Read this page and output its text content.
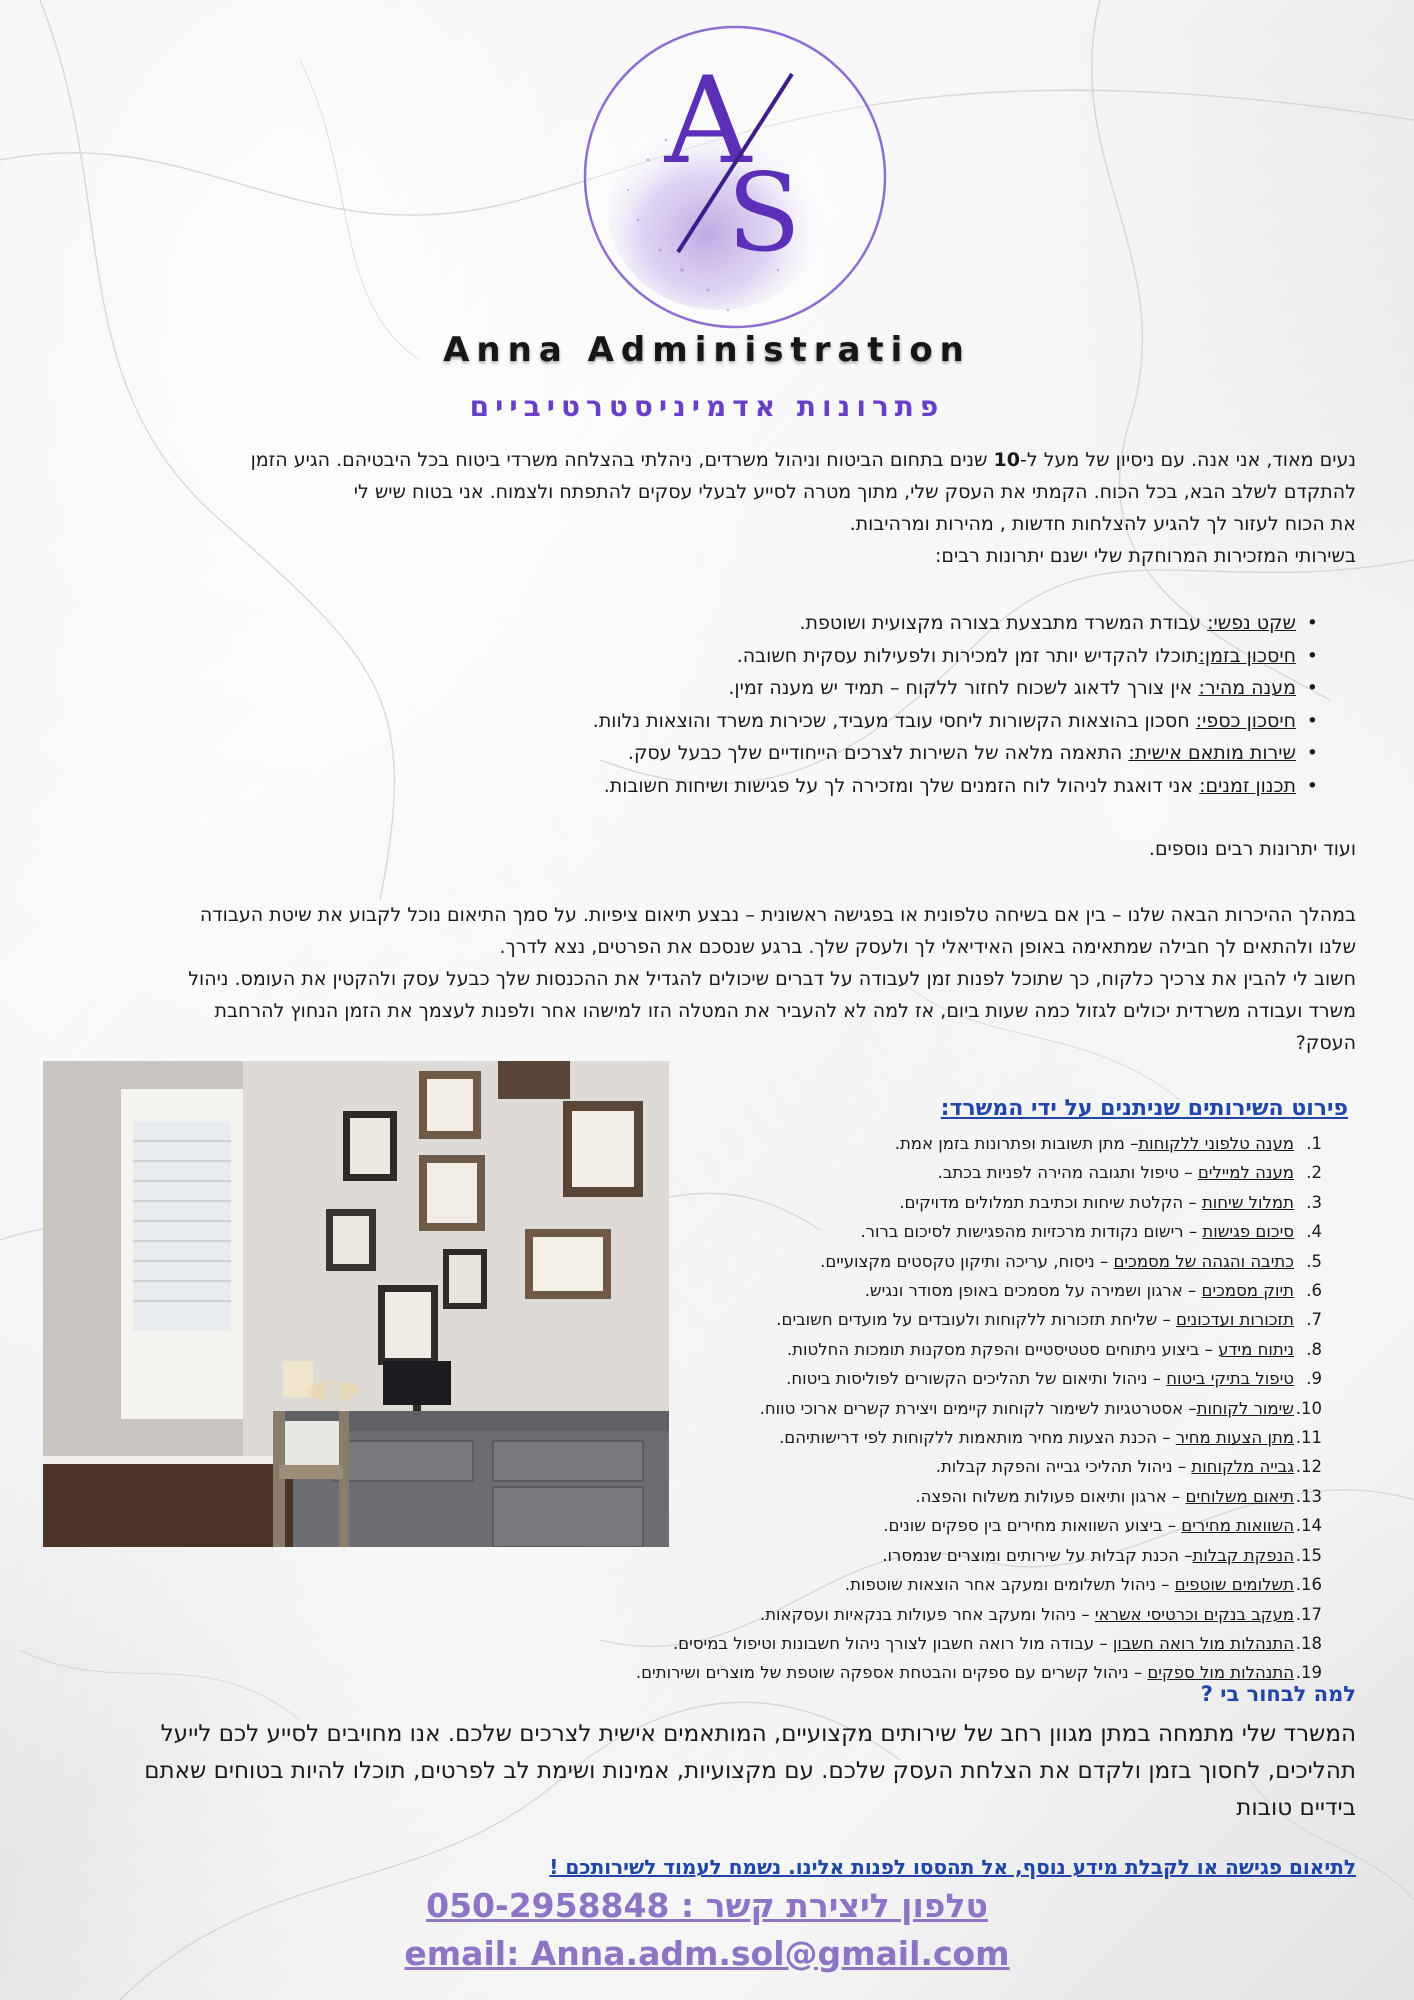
A
S
Anna Administration
פתרונות אדמיניסטרטיביים
נעים מאוד, אני אנה. עם ניסיון של מעל ל-10 שנים בתחום הביטוח וניהול משרדים, ניהלתי בהצלחה משרדי ביטוח בכל היבטיהם. הגיע הזמן
להתקדם לשלב הבא, בכל הכוח. הקמתי את העסק שלי, מתוך מטרה לסייע לבעלי עסקים להתפתח ולצמוח. אני בטוח שיש לי
את הכוח לעזור לך להגיע להצלחות חדשות , מהירות ומרהיבות.
בשירותי המזכירות המרוחקת שלי ישנם יתרונות רבים:
• שקט נפשי: עבודת המשרד מתבצעת בצורה מקצועית ושוטפת.
• חיסכון בזמן:תוכלו להקדיש יותר זמן למכירות ולפעילות עסקית חשובה.
• מענה מהיר: אין צורך לדאוג לשכוח לחזור ללקוח – תמיד יש מענה זמין.
• חיסכון כספי: חסכון בהוצאות הקשורות ליחסי עובד מעביד, שכירות משרד והוצאות נלוות.
• שירות מותאם אישית: התאמה מלאה של השירות לצרכים הייחודיים שלך כבעל עסק.
• תכנון זמנים: אני דואגת לניהול לוח הזמנים שלך ומזכירה לך על פגישות ושיחות חשובות.
ועוד יתרונות רבים נוספים.
במהלך ההיכרות הבאה שלנו – בין אם בשיחה טלפונית או בפגישה ראשונית – נבצע תיאום ציפיות. על סמך התיאום נוכל לקבוע את שיטת העבודה
שלנו ולהתאים לך חבילה שמתאימה באופן האידיאלי לך ולעסק שלך. ברגע שנסכם את הפרטים, נצא לדרך.
חשוב לי להבין את צרכיך כלקוח, כך שתוכל לפנות זמן לעבודה על דברים שיכולים להגדיל את ההכנסות שלך כבעל עסק ולהקטין את העומס. ניהול
משרד ועבודה משרדית יכולים לגזול כמה שעות ביום, אז למה לא להעביר את המטלה הזו למישהו אחר ולפנות לעצמך את הזמן הנחוץ להרחבת
העסק?
פירוט השירותים שניתנים על ידי המשרד:
1.
מענה טלפוני ללקוחות– מתן תשובות ופתרונות בזמן אמת.
2.
מענה למיילים – טיפול ותגובה מהירה לפניות בכתב.
3.
תמלול שיחות – הקלטת שיחות וכתיבת תמלולים מדויקים.
4.
סיכום פגישות – רישום נקודות מרכזיות מהפגישות לסיכום ברור.
5.
כתיבה והגהה של מסמכים – ניסוח, עריכה ותיקון טקסטים מקצועיים.
6.
תיוק מסמכים – ארגון ושמירה על מסמכים באופן מסודר ונגיש.
7.
תזכורות ועדכונים – שליחת תזכורות ללקוחות ולעובדים על מועדים חשובים.
8.
ניתוח מידע – ביצוע ניתוחים סטטיסטיים והפקת מסקנות תומכות החלטות.
9.
טיפול בתיקי ביטוח – ניהול ותיאום של תהליכים הקשורים לפוליסות ביטוח.
10.
שימור לקוחות– אסטרטגיות לשימור לקוחות קיימים ויצירת קשרים ארוכי טווח.
11.
מתן הצעות מחיר – הכנת הצעות מחיר מותאמות ללקוחות לפי דרישותיהם.
12.
גבייה מלקוחות – ניהול תהליכי גבייה והפקת קבלות.
13.
תיאום משלוחים – ארגון ותיאום פעולות משלוח והפצה.
14.
השוואות מחירים – ביצוע השוואות מחירים בין ספקים שונים.
15.
הנפקת קבלות– הכנת קבלות על שירותים ומוצרים שנמסרו.
16.
תשלומים שוטפים – ניהול תשלומים ומעקב אחר הוצאות שוטפות.
17.
מעקב בנקים וכרטיסי אשראי – ניהול ומעקב אחר פעולות בנקאיות ועסקאות.
18.
התנהלות מול רואה חשבון – עבודה מול רואה חשבון לצורך ניהול חשבונות וטיפול במיסים.
19.
התנהלות מול ספקים – ניהול קשרים עם ספקים והבטחת אספקה שוטפת של מוצרים ושירותים.
למה לבחור בי ?
המשרד שלי מתמחה במתן מגוון רחב של שירותים מקצועיים, המותאמים אישית לצרכים שלכם. אנו מחויבים לסייע לכם לייעל
תהליכים, לחסוך בזמן ולקדם את הצלחת העסק שלכם. עם מקצועיות, אמינות ושימת לב לפרטים, תוכלו להיות בטוחים שאתם
בידיים טובות
לתיאום פגישה או לקבלת מידע נוסף, אל תהססו לפנות אלינו. נשמח לעמוד לשירותכם !
טלפון ליצירת קשר : 050-2958848
email: Anna.adm.sol@gmail.com
